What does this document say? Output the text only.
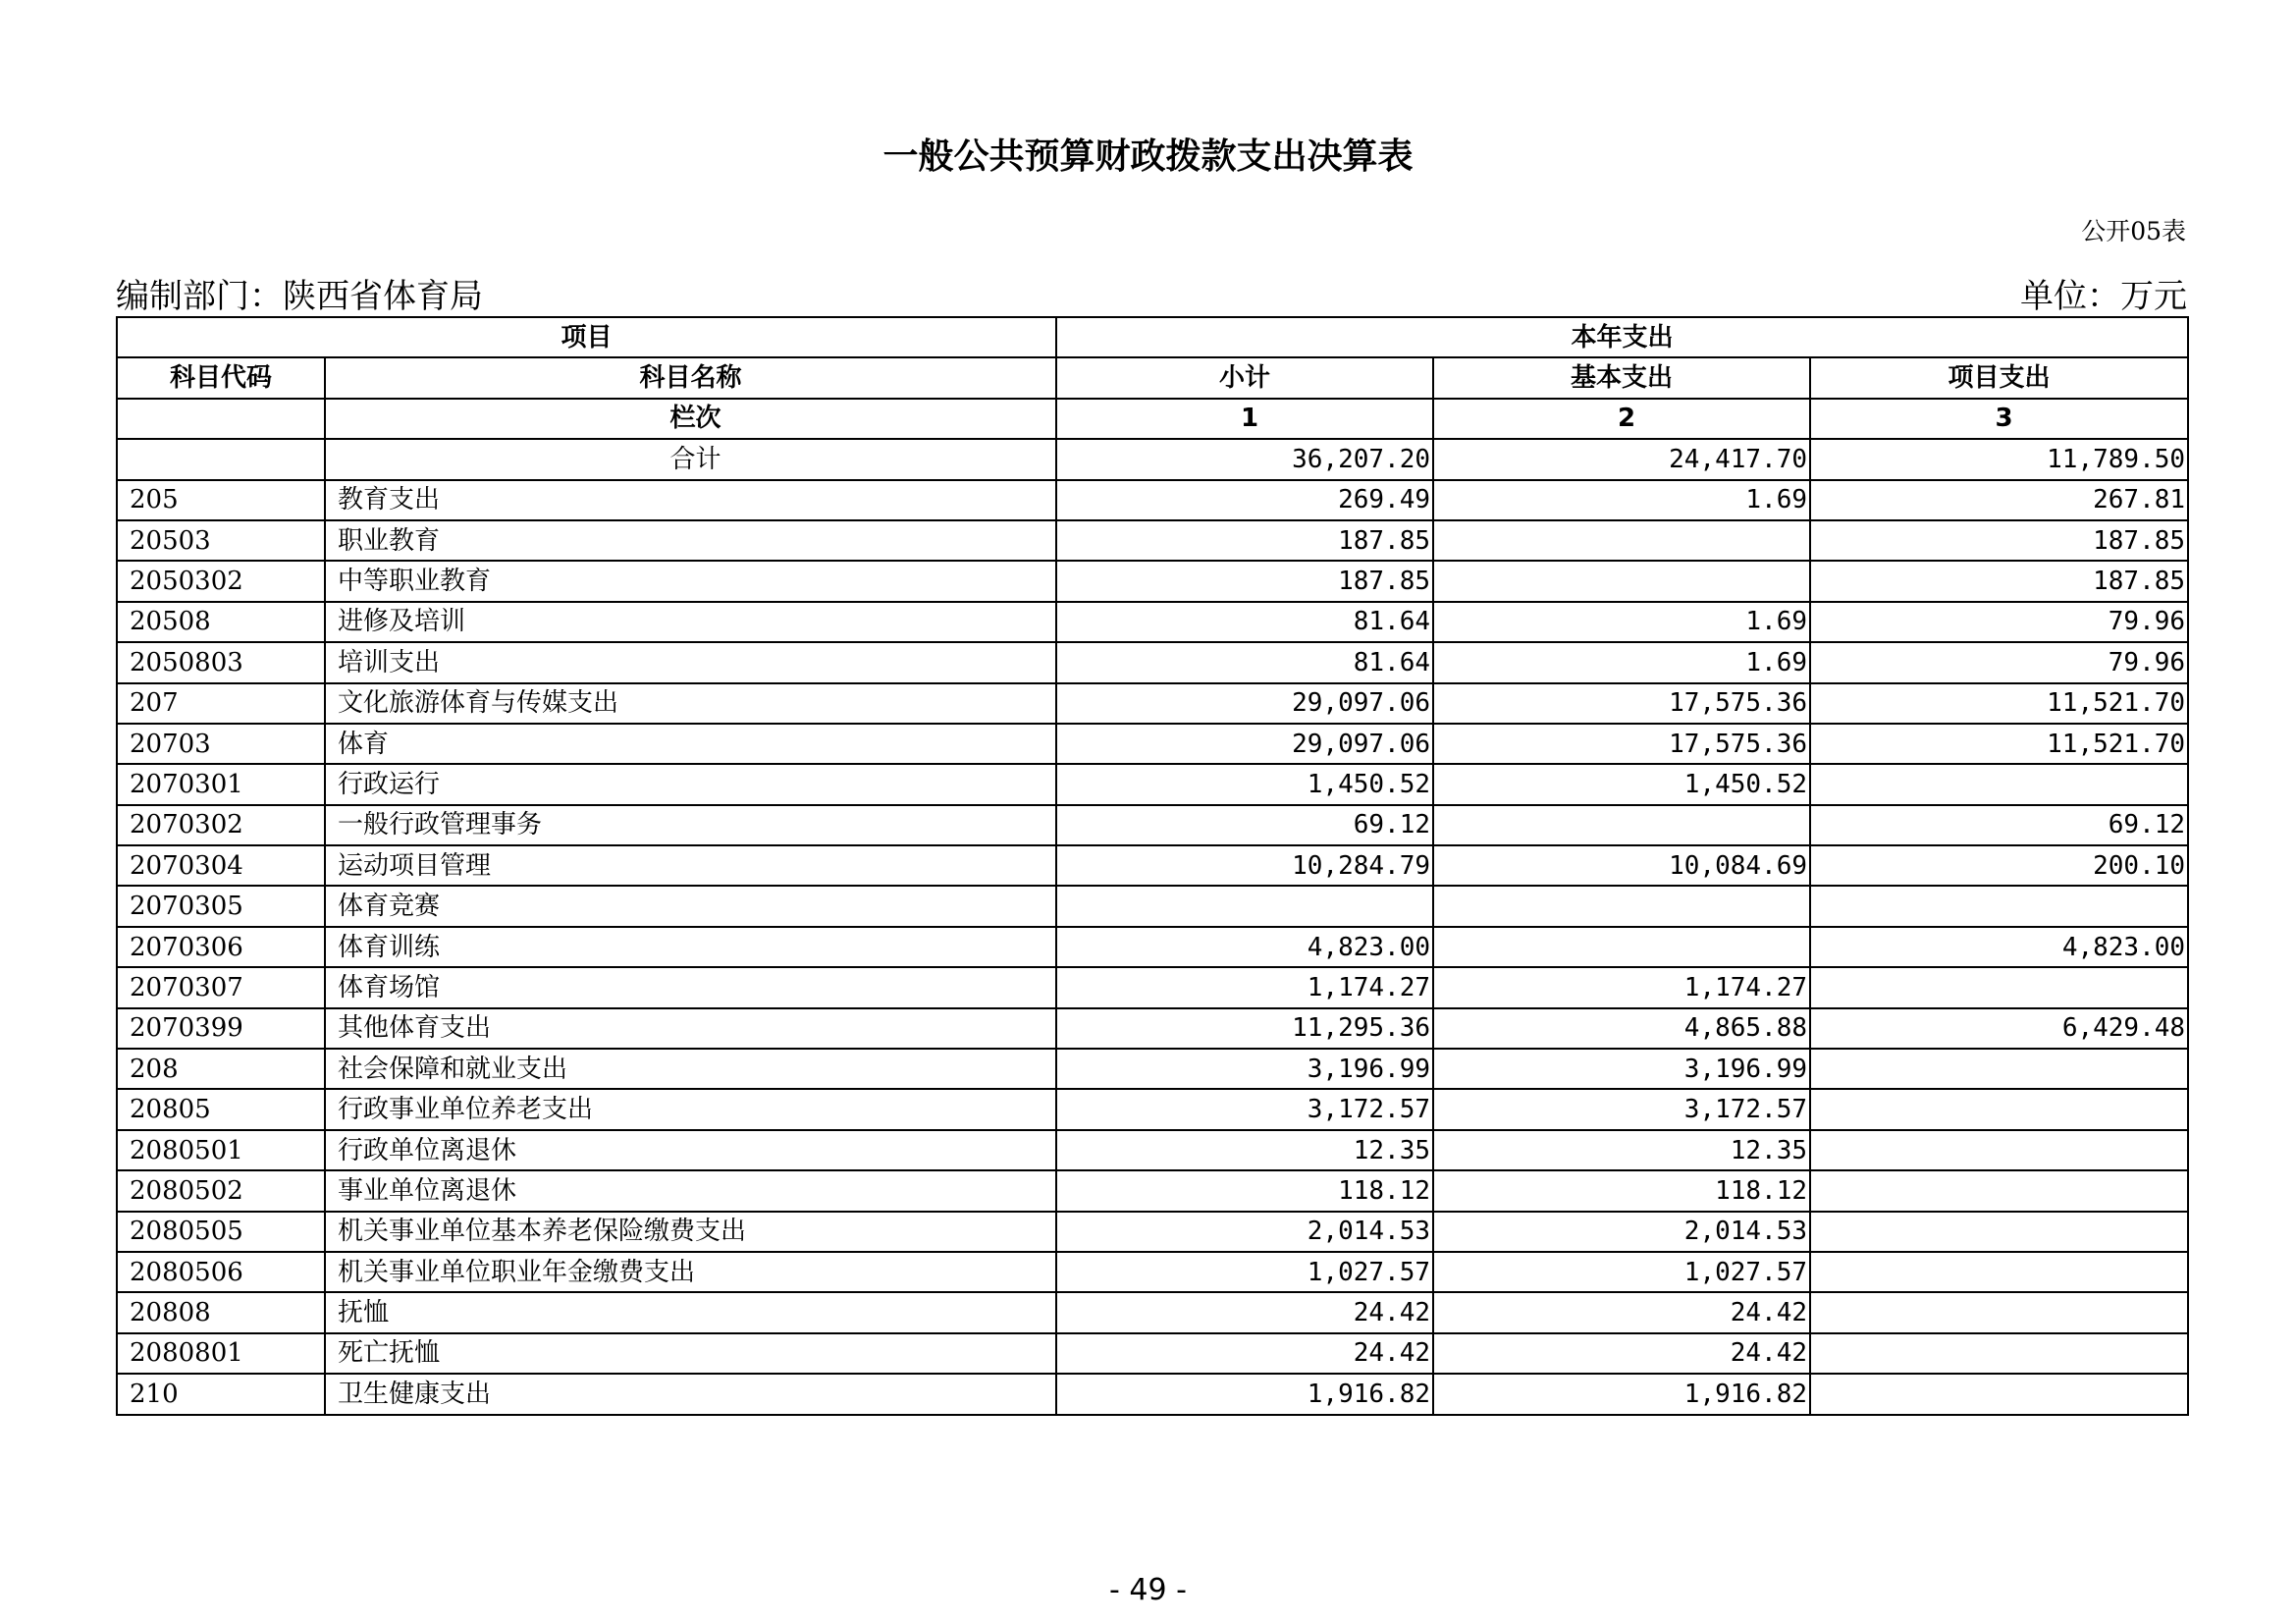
一般公共预算财政拨款支出决算表
公开05表
编制部门：陕西省体育局	单位：万元
项目		本年支出		
科目代码	科目名称	小计	基本支出	项目支出
	栏次	1	2	3
	合计	36,207.20	24,417.70	11,789.50
205	教育支出	269.49	1.69	267.81
20503	职业教育	187.85		187.85
2050302	中等职业教育	187.85		187.85
20508	进修及培训	81.64	1.69	79.96
2050803	培训支出	81.64	1.69	79.96
207	文化旅游体育与传媒支出	29,097.06	17,575.36	11,521.70
20703	体育	29,097.06	17,575.36	11,521.70
2070301	行政运行	1,450.52	1,450.52	
2070302	一般行政管理事务	69.12		69.12
2070304	运动项目管理	10,284.79	10,084.69	200.10
2070305	体育竞赛			
2070306	体育训练	4,823.00		4,823.00
2070307	体育场馆	1,174.27	1,174.27	
2070399	其他体育支出	11,295.36	4,865.88	6,429.48
208	社会保障和就业支出	3,196.99	3,196.99	
20805	行政事业单位养老支出	3,172.57	3,172.57	
2080501	行政单位离退休	12.35	12.35	
2080502	事业单位离退休	118.12	118.12	
2080505	机关事业单位基本养老保险缴费支出	2,014.53	2,014.53	
2080506	机关事业单位职业年金缴费支出	1,027.57	1,027.57	
20808	抚恤	24.42	24.42	
2080801	死亡抚恤	24.42	24.42	
210	卫生健康支出	1,916.82	1,916.82	
- 49 -
